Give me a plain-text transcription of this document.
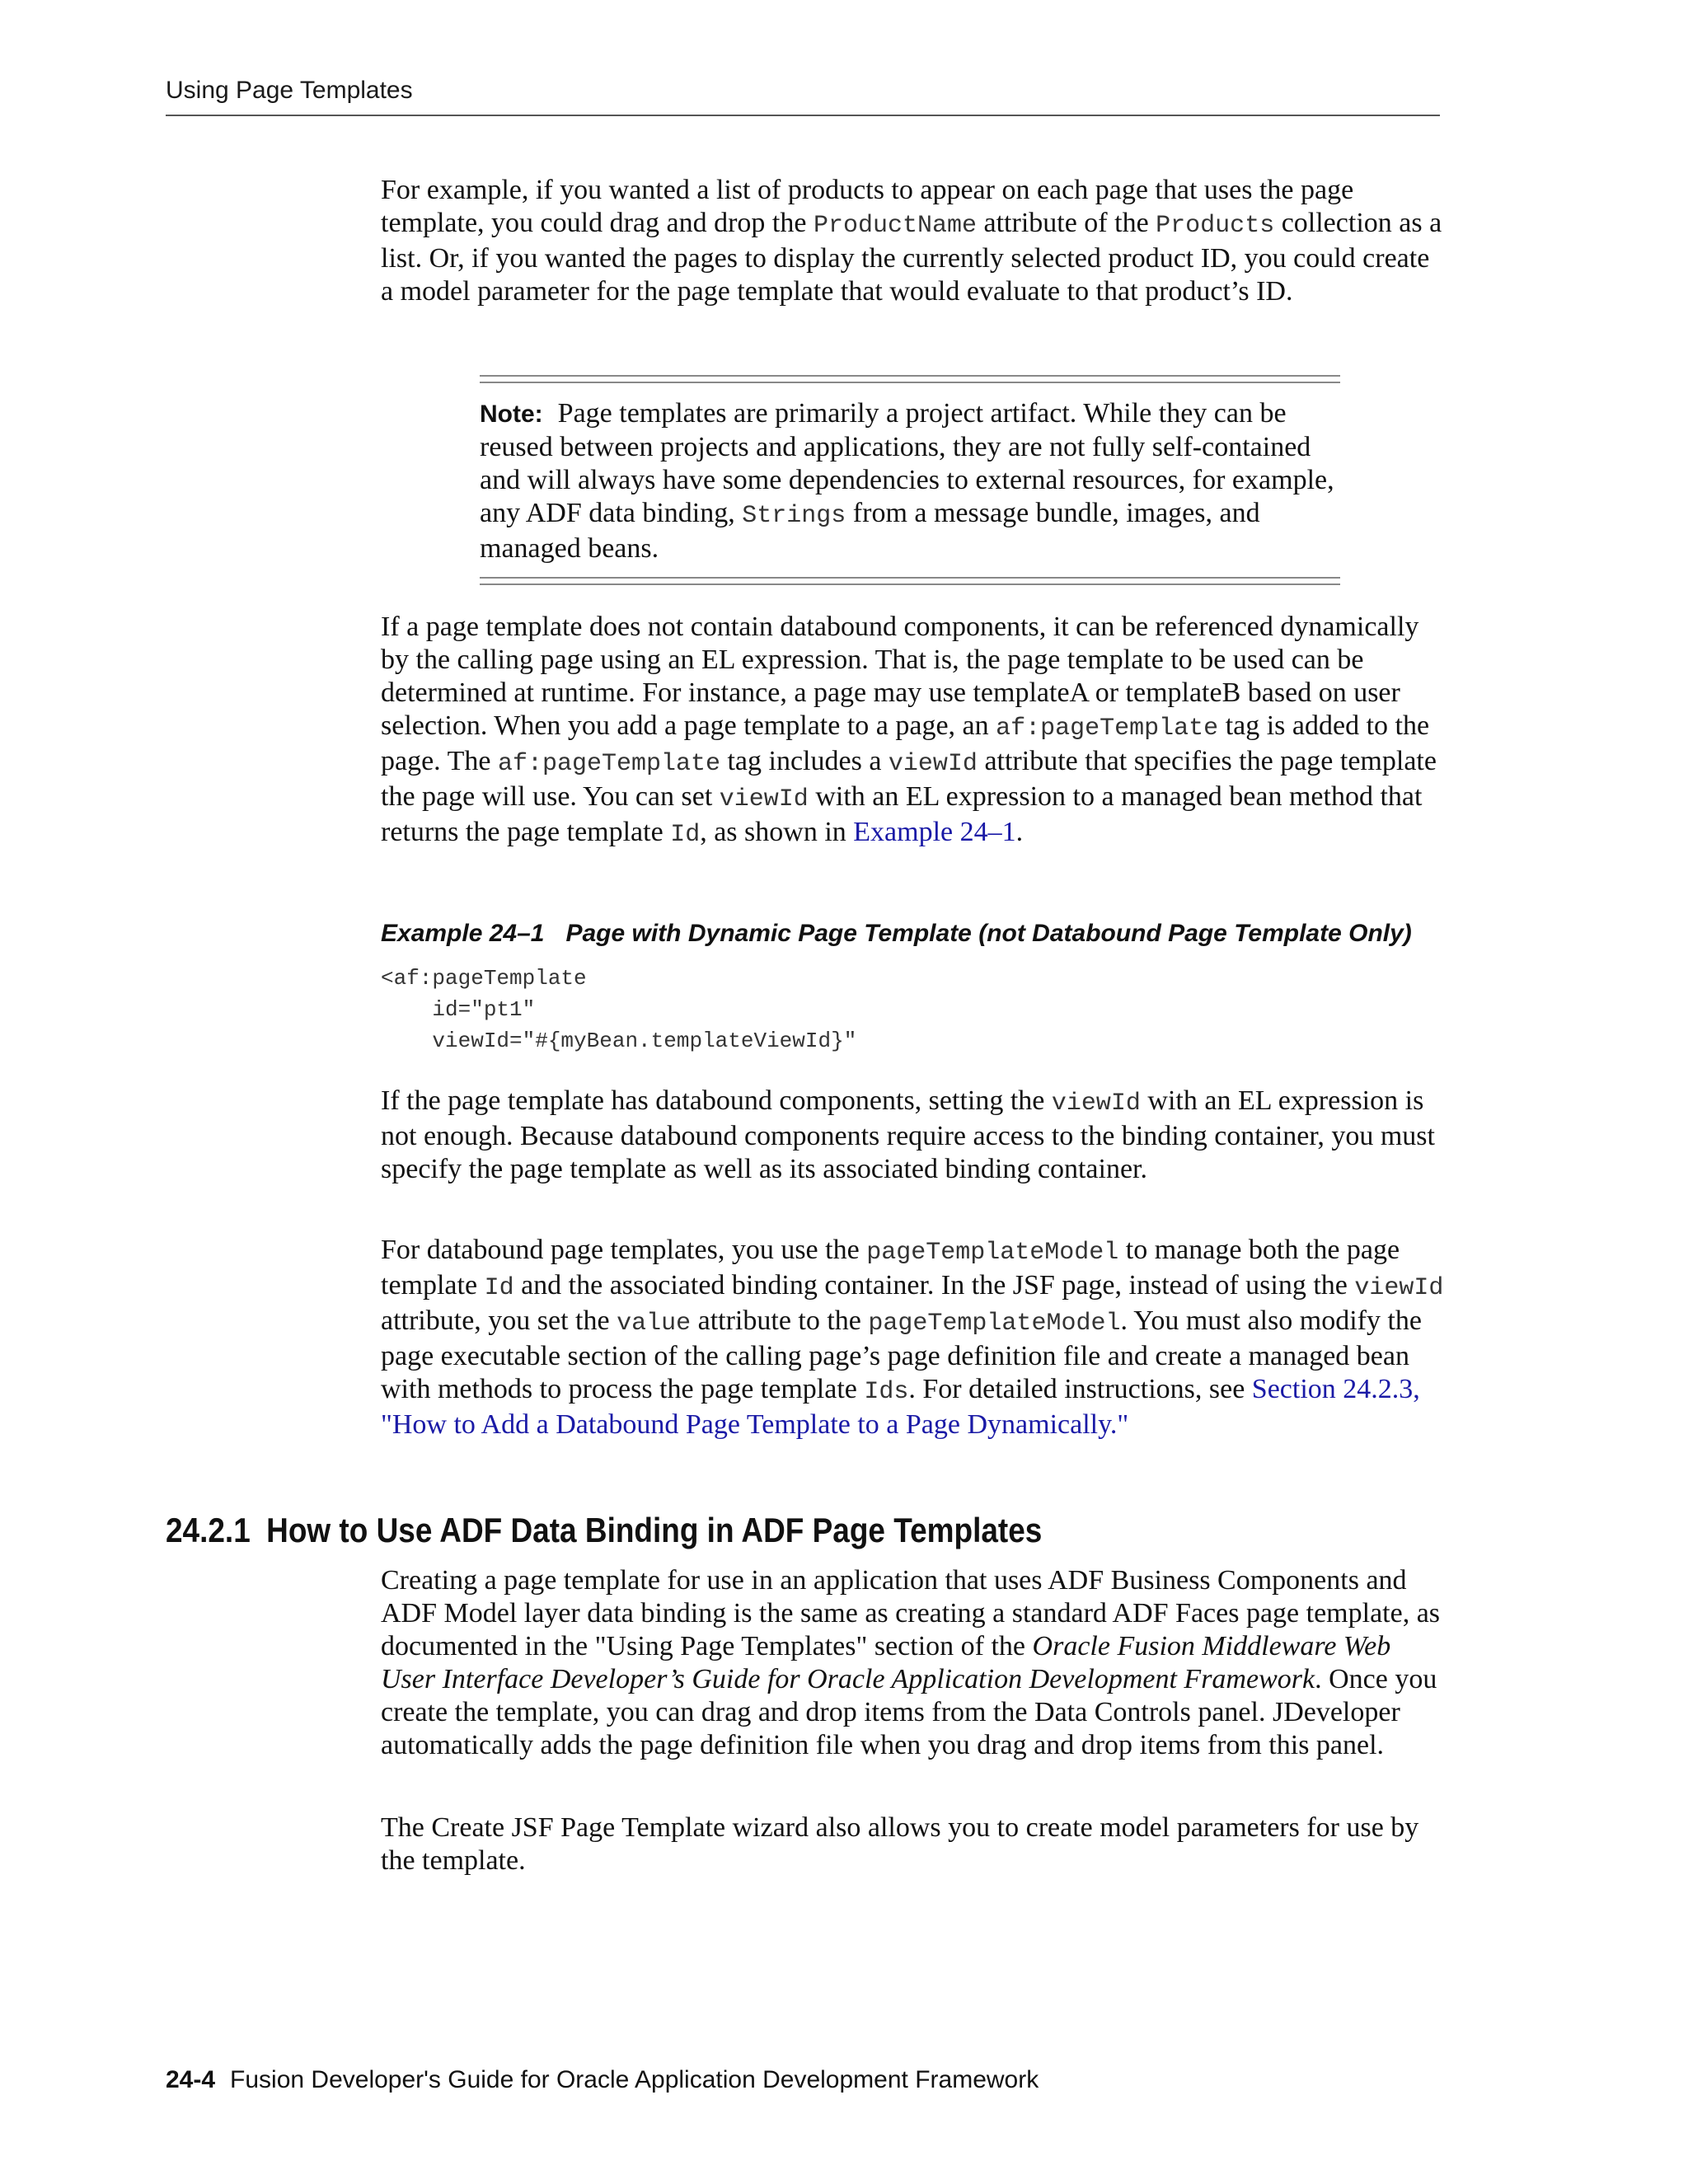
Using Page Templates

For example, if you wanted a list of products to appear on each page that uses the page template, you could drag and drop the ProductName attribute of the Products collection as a list. Or, if you wanted the pages to display the currently selected product ID, you could create a model parameter for the page template that would evaluate to that product’s ID.

Note: Page templates are primarily a project artifact. While they can be reused between projects and applications, they are not fully self-contained and will always have some dependencies to external resources, for example, any ADF data binding, Strings from a message bundle, images, and managed beans.

If a page template does not contain databound components, it can be referenced dynamically by the calling page using an EL expression. That is, the page template to be used can be determined at runtime. For instance, a page may use templateA or templateB based on user selection. When you add a page template to a page, an af:pageTemplate tag is added to the page. The af:pageTemplate tag includes a viewId attribute that specifies the page template the page will use. You can set viewId with an EL expression to a managed bean method that returns the page template Id, as shown in Example 24–1.

Example 24–1 Page with Dynamic Page Template (not Databound Page Template Only)
<af:pageTemplate
id="pt1"
viewId="#{myBean.templateViewId}"

If the page template has databound components, setting the viewId with an EL expression is not enough. Because databound components require access to the binding container, you must specify the page template as well as its associated binding container.

For databound page templates, you use the pageTemplateModel to manage both the page template Id and the associated binding container. In the JSF page, instead of using the viewId attribute, you set the value attribute to the pageTemplateModel. You must also modify the page executable section of the calling page’s page definition file and create a managed bean with methods to process the page template Ids. For detailed instructions, see Section 24.2.3, "How to Add a Databound Page Template to a Page Dynamically."

24.2.1 How to Use ADF Data Binding in ADF Page Templates

Creating a page template for use in an application that uses ADF Business Components and ADF Model layer data binding is the same as creating a standard ADF Faces page template, as documented in the "Using Page Templates" section of the Oracle Fusion Middleware Web User Interface Developer’s Guide for Oracle Application Development Framework. Once you create the template, you can drag and drop items from the Data Controls panel. JDeveloper automatically adds the page definition file when you drag and drop items from this panel.

The Create JSF Page Template wizard also allows you to create model parameters for use by the template.

24-4 Fusion Developer's Guide for Oracle Application Development Framework
